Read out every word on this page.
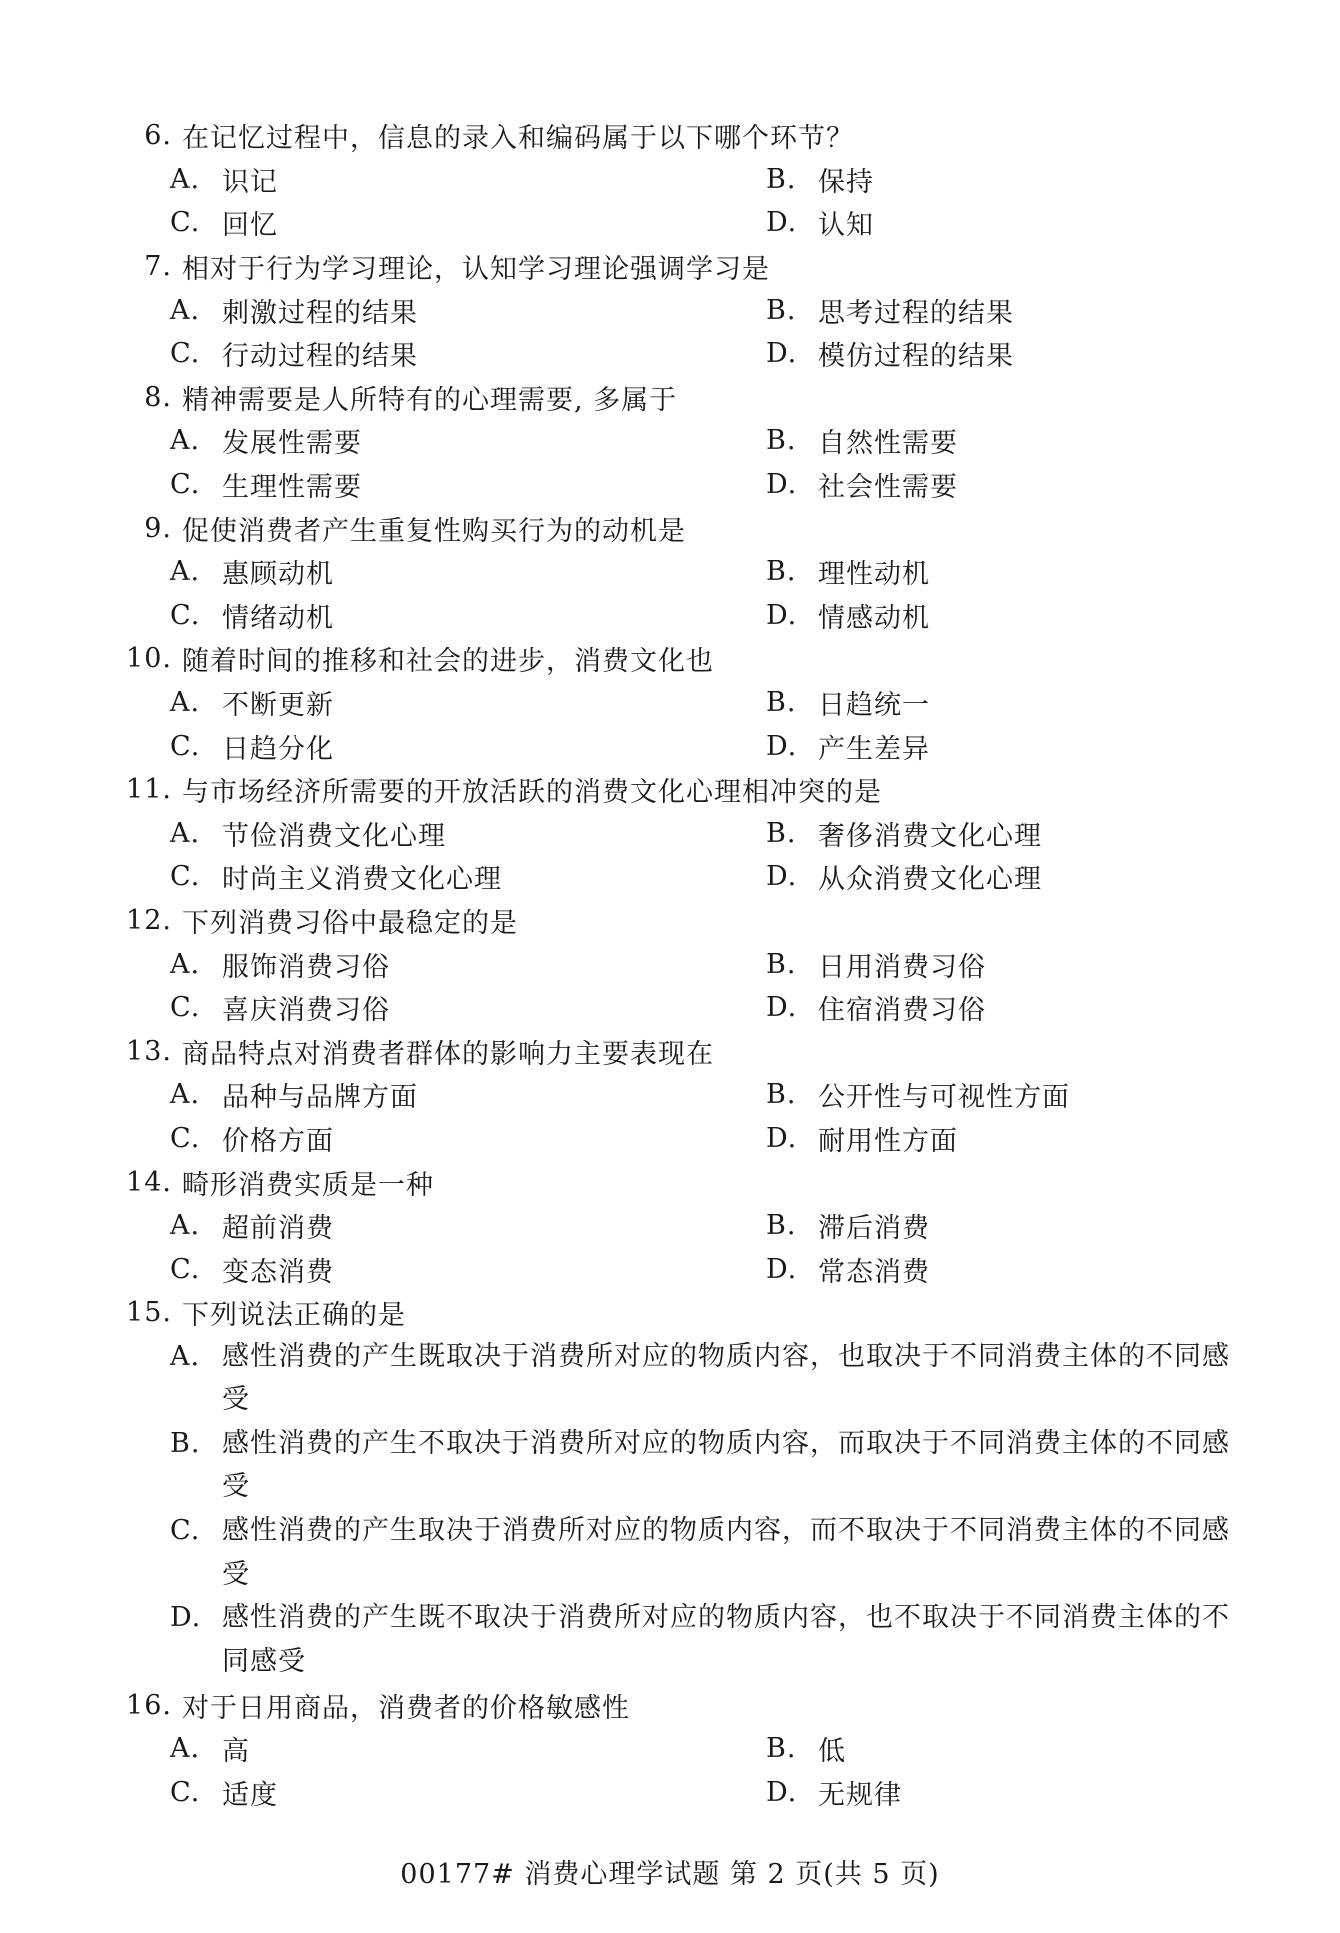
6. 在记忆过程中，信息的录入和编码属于以下哪个环节？
A. 识记	B. 保持
C. 回忆	D. 认知
7. 相对于行为学习理论，认知学习理论强调学习是
A. 刺激过程的结果	B. 思考过程的结果
C. 行动过程的结果	D. 模仿过程的结果
8. 精神需要是人所特有的心理需要, 多属于
A. 发展性需要	B. 自然性需要
C. 生理性需要	D. 社会性需要
9. 促使消费者产生重复性购买行为的动机是
A. 惠顾动机	B. 理性动机
C. 情绪动机	D. 情感动机
10. 随着时间的推移和社会的进步，消费文化也
A. 不断更新	B. 日趋统一
C. 日趋分化	D. 产生差异
11. 与市场经济所需要的开放活跃的消费文化心理相冲突的是
A. 节俭消费文化心理	B. 奢侈消费文化心理
C. 时尚主义消费文化心理	D. 从众消费文化心理
12. 下列消费习俗中最稳定的是
A. 服饰消费习俗	B. 日用消费习俗
C. 喜庆消费习俗	D. 住宿消费习俗
13. 商品特点对消费者群体的影响力主要表现在
A. 品种与品牌方面	B. 公开性与可视性方面
C. 价格方面	D. 耐用性方面
14. 畸形消费实质是一种
A. 超前消费	B. 滞后消费
C. 变态消费	D. 常态消费
15. 下列说法正确的是
A. 感性消费的产生既取决于消费所对应的物质内容，也取决于不同消费主体的不同感受
B. 感性消费的产生不取决于消费所对应的物质内容，而取决于不同消费主体的不同感受
C. 感性消费的产生取决于消费所对应的物质内容，而不取决于不同消费主体的不同感受
D. 感性消费的产生既不取决于消费所对应的物质内容，也不取决于不同消费主体的不同感受
16. 对于日用商品，消费者的价格敏感性
A. 高	B. 低
C. 适度	D. 无规律
00177# 消费心理学试题 第 2 页(共 5 页)
